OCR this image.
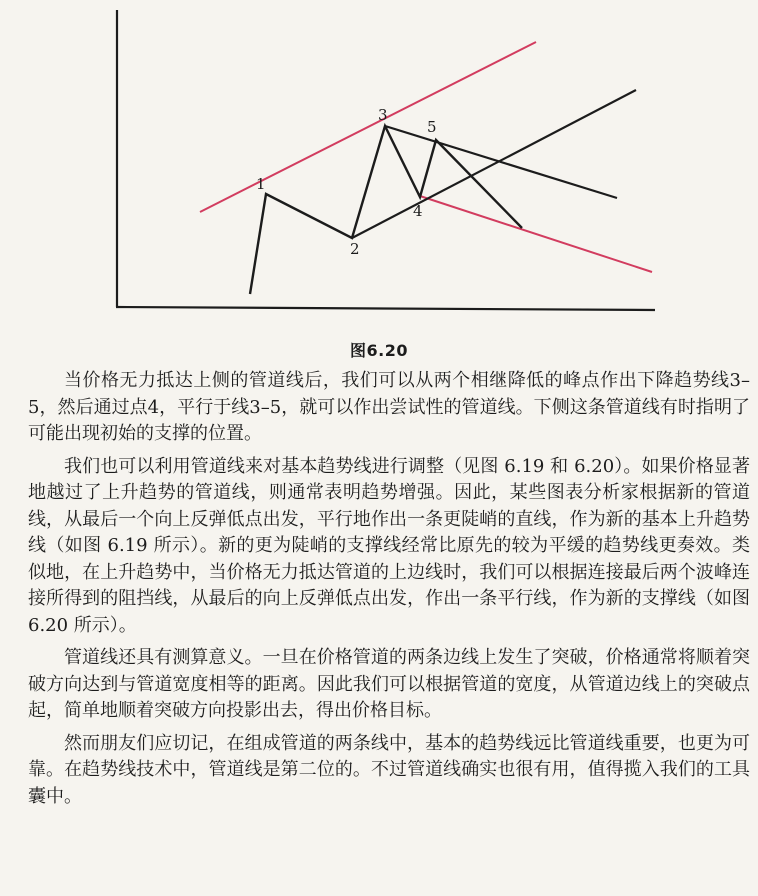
1
2
3
4
5
图6.20

当价格无力抵达上侧的管道线后，我们可以从两个相继降低的峰点作出下降趋势线3–5，然后通过点4，平行于线3–5，就可以作出尝试性的管道线。下侧这条管道线有时指明了可能出现初始的支撑的位置。

我们也可以利用管道线来对基本趋势线进行调整（见图 6.19 和 6.20）。如果价格显著地越过了上升趋势的管道线，则通常表明趋势增强。因此，某些图表分析家根据新的管道线，从最后一个向上反弹低点出发，平行地作出一条更陡峭的直线，作为新的基本上升趋势线（如图 6.19 所示）。新的更为陡峭的支撑线经常比原先的较为平缓的趋势线更奏效。类似地，在上升趋势中，当价格无力抵达管道的上边线时，我们可以根据连接最后两个波峰连接所得到的阻挡线，从最后的向上反弹低点出发，作出一条平行线，作为新的支撑线（如图 6.20 所示）。

管道线还具有测算意义。一旦在价格管道的两条边线上发生了突破，价格通常将顺着突破方向达到与管道宽度相等的距离。因此我们可以根据管道的宽度，从管道边线上的突破点起，简单地顺着突破方向投影出去，得出价格目标。

然而朋友们应切记，在组成管道的两条线中，基本的趋势线远比管道线重要，也更为可靠。在趋势线技术中，管道线是第二位的。不过管道线确实也很有用，值得揽入我们的工具囊中。
